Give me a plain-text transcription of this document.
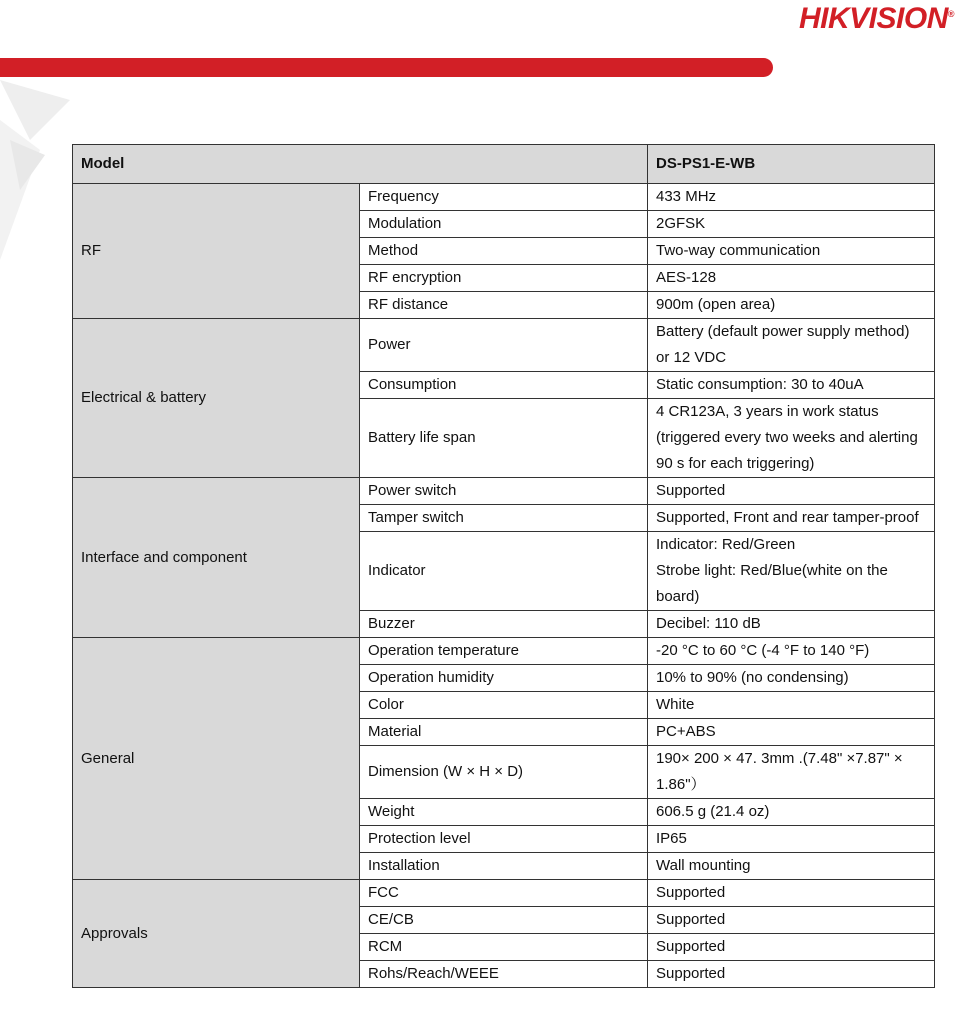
HIKVISION®
Model		DS-PS1-E-WB
RF	Frequency	433 MHz
	Modulation	2GFSK
	Method	Two-way communication
	RF encryption	AES-128
	RF distance	900m (open area)
Electrical & battery	Power	Battery (default power supply method) or 12 VDC
	Consumption	Static consumption: 30 to 40uA
	Battery life span	4 CR123A, 3 years in work status (triggered every two weeks and alerting 90 s for each triggering)
Interface and component	Power switch	Supported
	Tamper switch	Supported, Front and rear tamper-proof
	Indicator	Indicator: Red/Green
Strobe light: Red/Blue(white on the board)
	Buzzer	Decibel: 110 dB
General	Operation temperature	-20 °C to 60 °C (-4 °F to 140 °F)
	Operation humidity	10% to 90% (no condensing)
	Color	White
	Material	PC+ABS
	Dimension (W × H × D)	190× 200 × 47. 3mm .(7.48" ×7.87" × 1.86"）
	Weight	606.5 g (21.4 oz)
	Protection level	IP65
	Installation	Wall mounting
Approvals	FCC	Supported
	CE/CB	Supported
	RCM	Supported
	Rohs/Reach/WEEE	Supported
